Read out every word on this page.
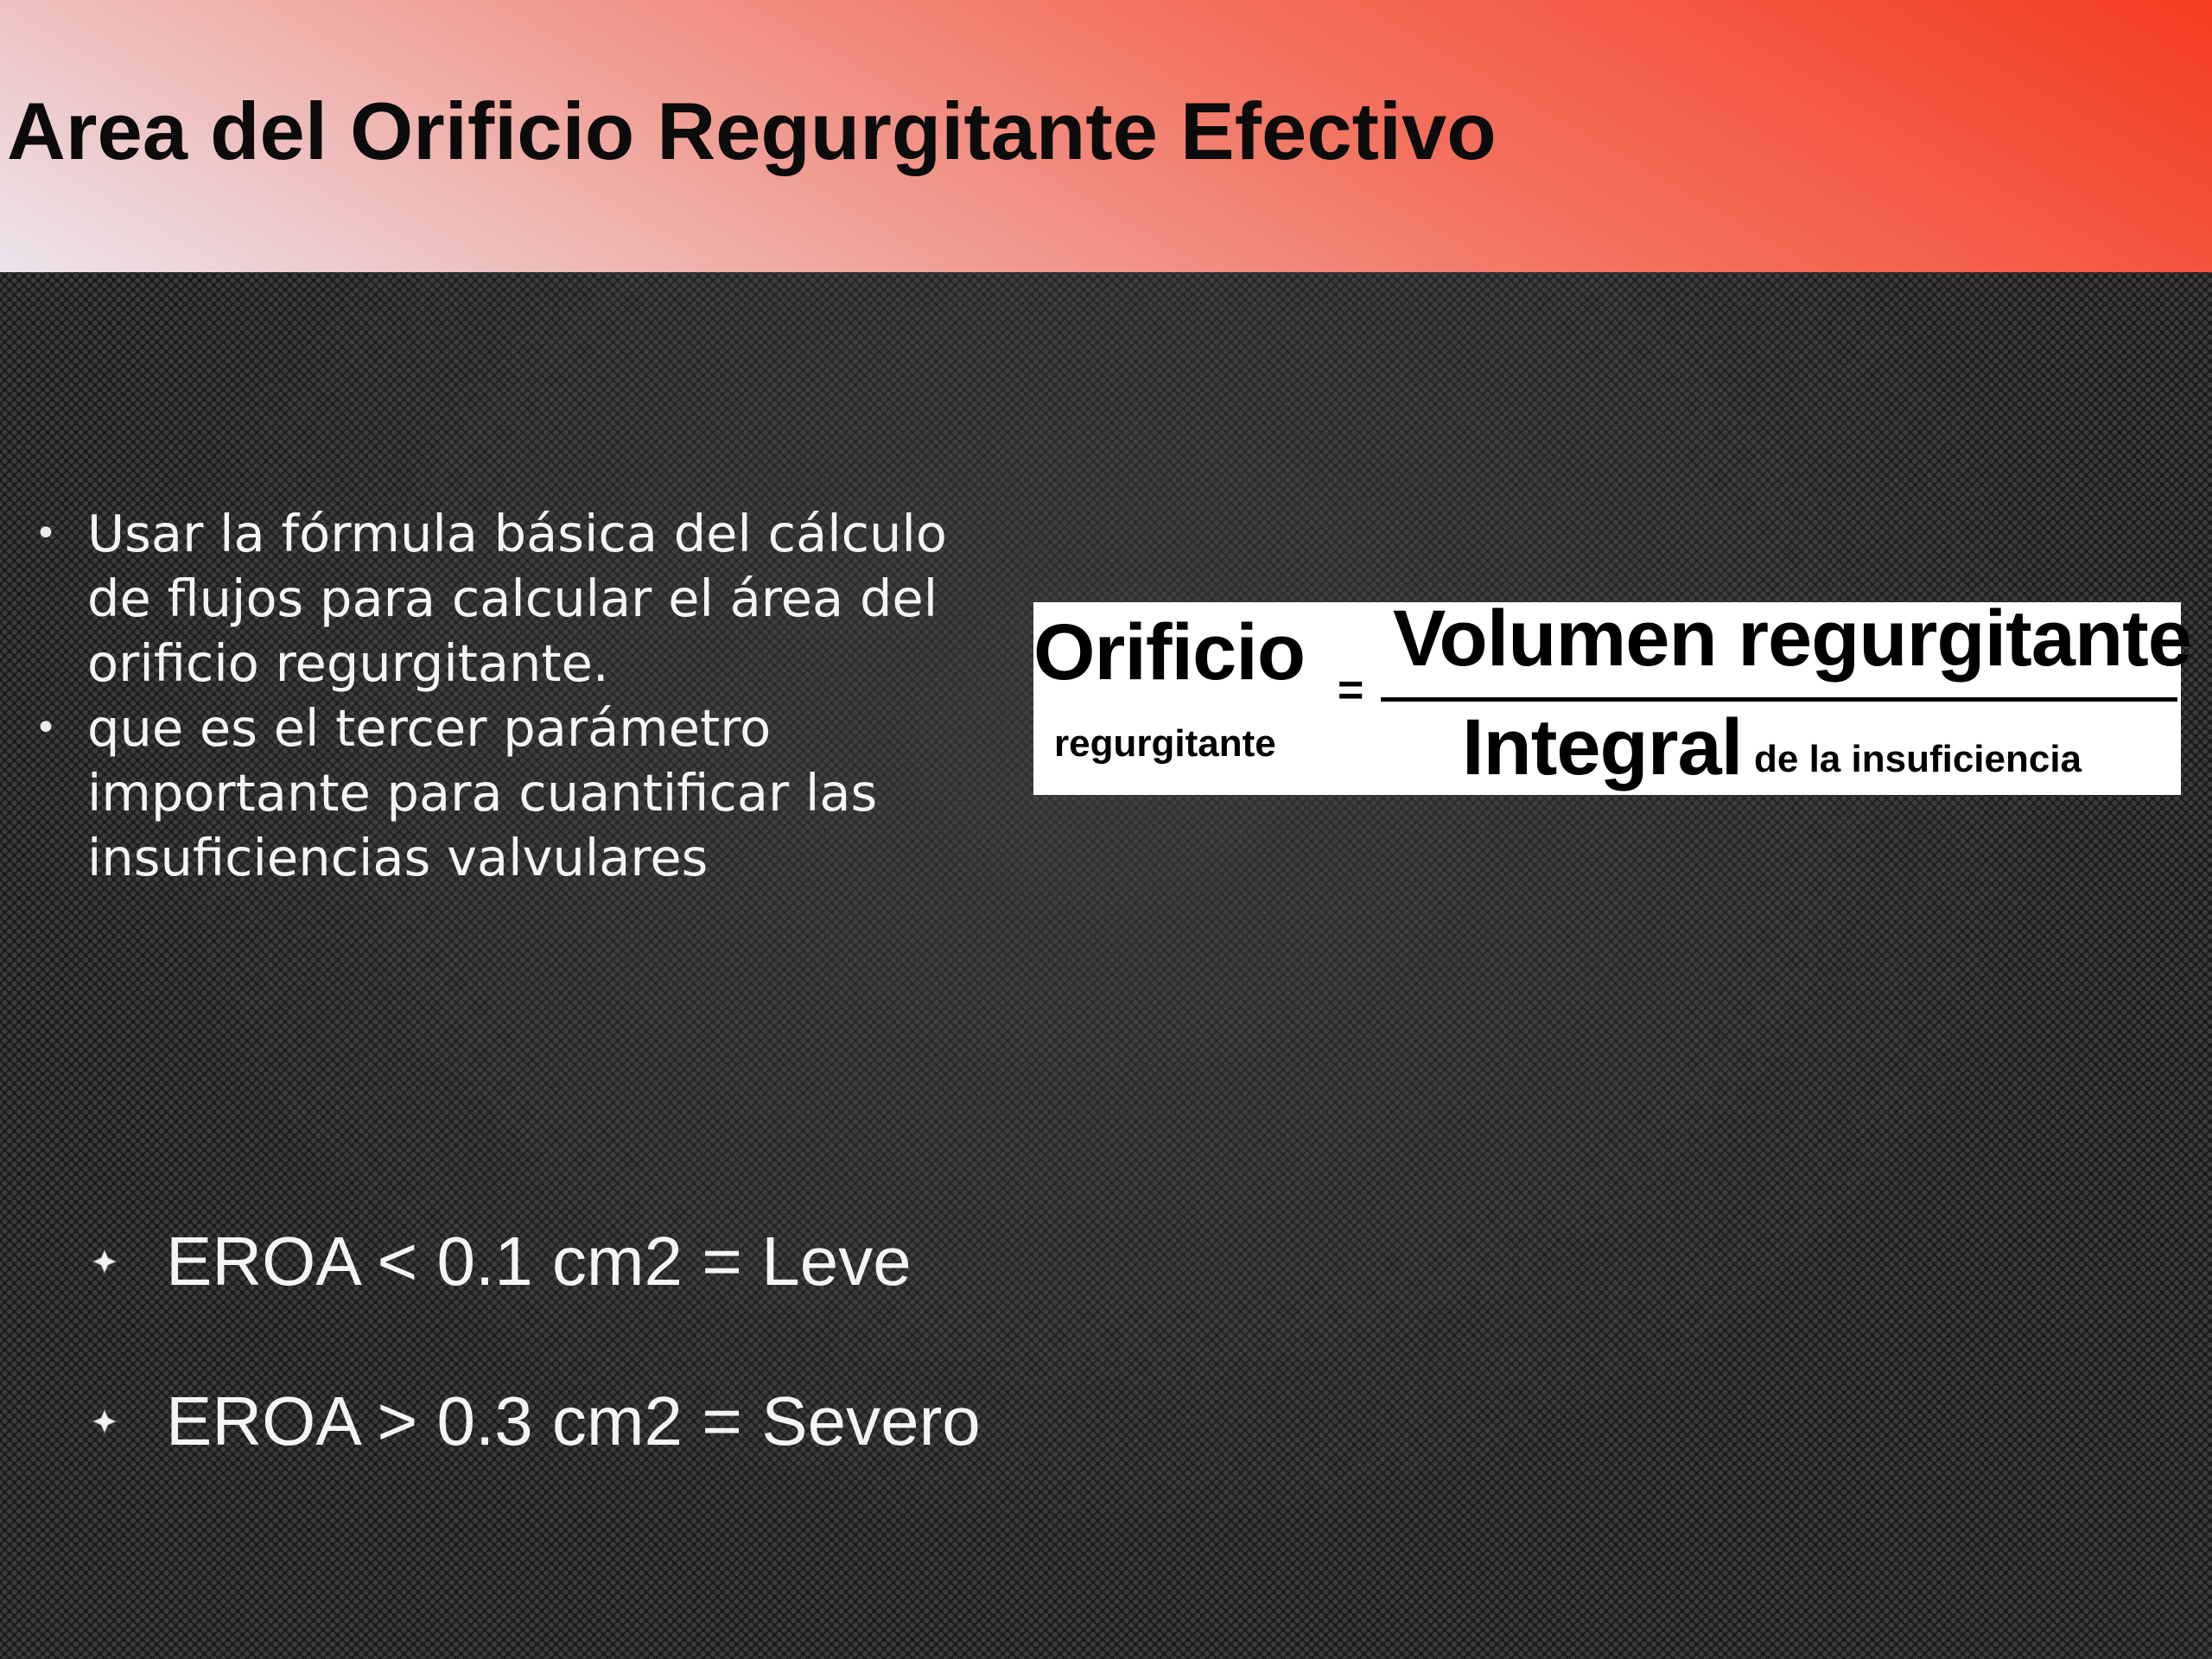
Area del Orificio Regurgitante Efectivo
• Usar la fórmula básica del cálculo de flujos para calcular el área del orificio regurgitante.
• que es el tercer parámetro importante para cuantificar las insuficiencias valvulares
Orificio
regurgitante
=
Volumen regurgitante
Integral de la insuficiencia
EROA < 0.1 cm2 = Leve
EROA > 0.3 cm2 = Severo
